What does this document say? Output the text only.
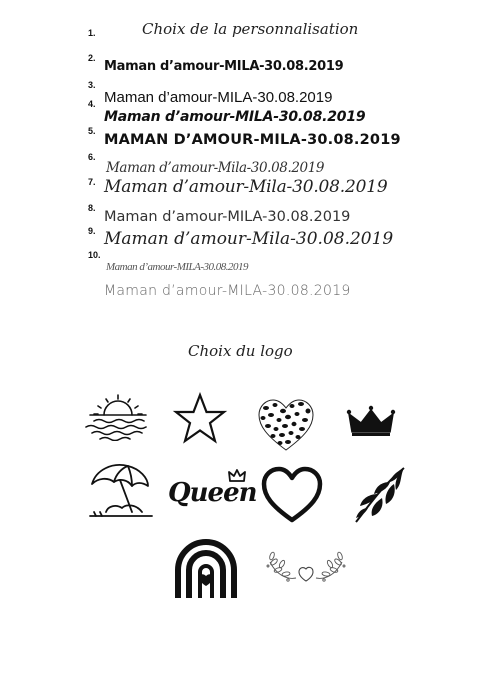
Choix de la personnalisation
1.
2.
3.
4.
5.
6.
7.
8.
9.
10.
Maman d’amour-MILA-30.08.2019
Maman d’amour-MILA-30.08.2019
Maman d’amour-MILA-30.08.2019
MAMAN D’AMOUR-MILA-30.08.2019
Maman d’amour-Mila-30.08.2019
Maman d’amour-Mila-30.08.2019
Maman d’amour-MILA-30.08.2019
Maman d’amour-Mila-30.08.2019
Maman d’amour-MILA-30.08.2019
Maman d’amour-MILA-30.08.2019
Choix du logo
Queen
